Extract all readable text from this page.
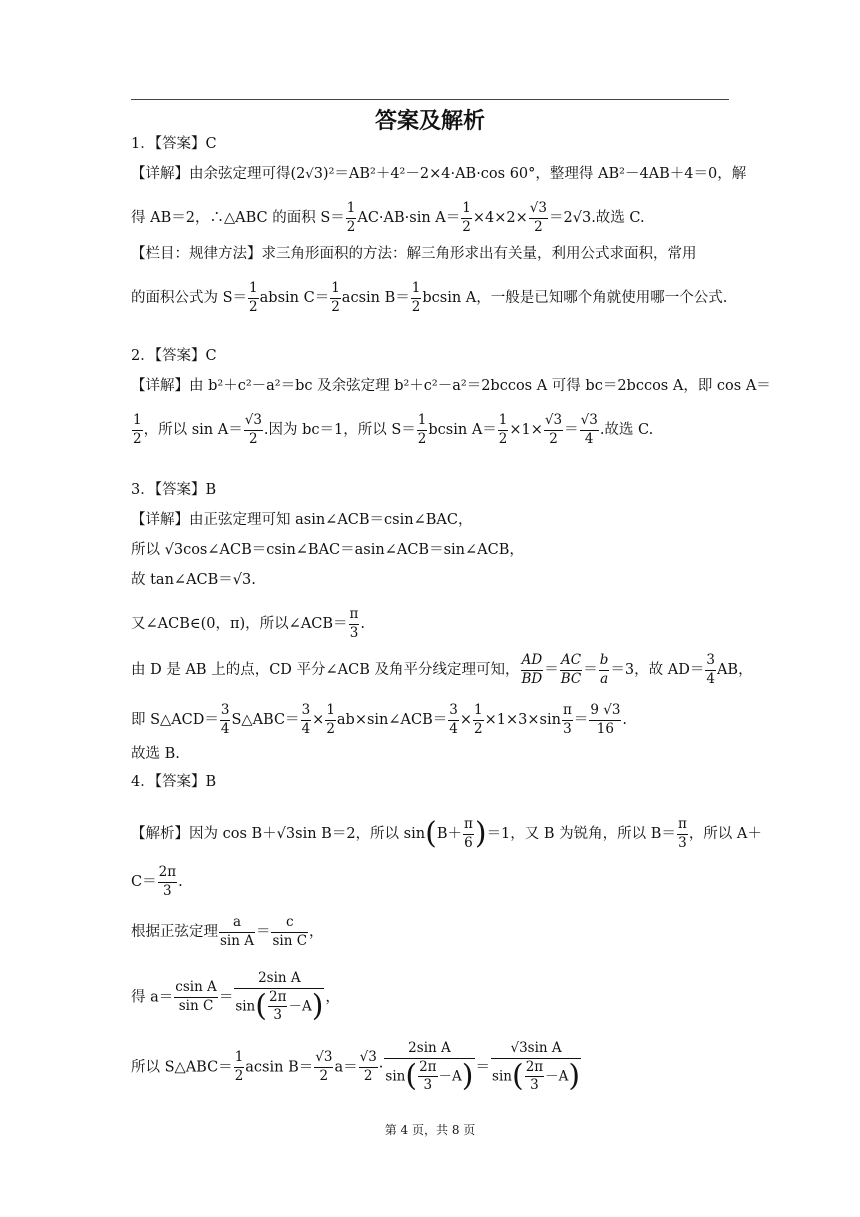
答案及解析
1．【答案】C
【详解】由余弦定理可得(2√3)²＝AB²＋4²－2×4·AB·cos 60°，整理得 AB²－4AB＋4＝0，解
得 AB＝2，∴△ABC 的面积 $S= \frac{1}{2} AC\cdot AB\cdot\sin$ $A= \frac{1}{2} \times 4\times 2\times \frac{√3}{2} =2√3$.故选 C.
【栏目：规律方法】求三角形面积的方法：解三角形求出有关量，利用公式求面积，常用
的面积公式为 $S= \frac{1}{2}$ absin $C= \frac{1}{2}$ acsin $B= \frac{1}{2}$ bcsin A，一般是已知哪个角就使用哪一个公式.
2．【答案】C
【详解】由 b²＋c²－a²＝bc 及余弦定理 b²＋c²－a²＝2bccos A 可得 bc＝2bccos A，即 cos A＝
$\frac{1}{2}$ ，所以 $\sin A= \frac{√3}{2}$ .因为 bc＝1，所以 $S= \frac{1}{2}$ bcsin $A= \frac{1}{2} \times 1\times \frac{√3}{2} = \frac{√3}{4}$ .故选 C.
3．【答案】B
【详解】由正弦定理可知 asin∠ACB＝csin∠BAC，
所以 √3cos∠ACB＝csin∠BAC＝asin∠ACB＝sin∠ACB，
故 tan∠ACB＝√3.
又∠ACB∈(0，π)，所以∠ACB＝ $\frac{\pi}{3}$ .
由 D 是 AB 上的点，CD 平分∠ACB 及角平分线定理可知， $\frac{AD}{BD} = \frac{AC}{BC} = \frac{b}{a} =3$，故 $AD= \frac{3}{4}$ AB，
即 S△ACD＝ $\frac{3}{4}$ S△ABC＝ $\frac{3}{4} \times \frac{1}{2}$ ab×sin∠ACB＝ $\frac{3}{4} \times \frac{1}{2} \times 1\times 3\times\sin \frac{\pi}{3} = \frac{9 √3}{16}$ .
故选 B.
4．【答案】B
【解析】因为 cos B＋√3sin B＝2，所以 $\sin(B+ \frac{\pi}{6} )=1$，又 B 为锐角，所以 $B= \frac{\pi}{3}$ ，所以 A＋
$C= \frac{2\pi}{3}$ .
根据正弦定理 $\frac{a}{\text{sin A}} = \frac{c}{\text{sin C}}$ ，
得 $a= \frac{\text{csin A}}{\text{sin C}} = \frac{\text{2sin A}}{\sin( \frac{2\pi}{3} -A)}$ ，
所以 S△ABC＝ $\frac{1}{2}$ acsin $B= \frac{√3}{2} a= \frac{√3}{2} \cdot \frac{\text{2sin A}}{\sin( \frac{2\pi}{3} -A)} = \frac{\text{√3sin A}}{\sin( \frac{2\pi}{3} -A)}$
第 4 页，共 8 页
